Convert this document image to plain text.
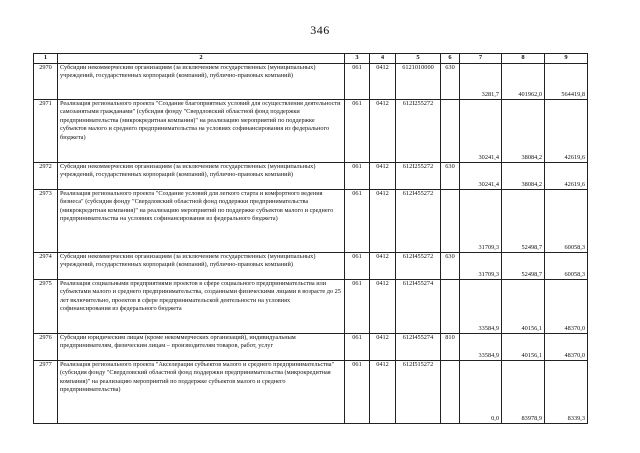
346
1	2	3	4	5	6	7	8	9
2970	Субсидии некоммерческим организациям (за исключением государственных (муниципальных) учреждений, государственных корпораций (компаний), публично-правовых компаний)	061	0412	6121010000	630	3281,7	401962,0	564419,8
2971	Реализация регионального проекта "Создание благоприятных условий для осуществления деятельности самозанятыми гражданами" (субсидия фонду "Свердловский областной фонд поддержки предпринимательства (микрокредитная компания)" на реализацию мероприятий по поддержке субъектов малого и среднего предпринимательства на условиях софинансирования из федерального бюджета)	061	0412	612I255272		30241,4	38084,2	42619,6
2972	Субсидии некоммерческим организациям (за исключением государственных (муниципальных) учреждений, государственных корпораций (компаний), публично-правовых компаний)	061	0412	612I255272	630	30241,4	38084,2	42619,6
2973	Реализация регионального проекта "Создание условий для легкого старта и комфортного ведения бизнеса" (субсидия фонду "Свердловский областной фонд поддержки предпринимательства (микрокредитная компания)" на реализацию мероприятий по поддержке субъектов малого и среднего предпринимательства на условиях софинансирования из федерального бюджета)	061	0412	612I455272		31709,3	52498,7	60058,3
2974	Субсидии некоммерческим организациям (за исключением государственных (муниципальных) учреждений, государственных корпораций (компаний), публично-правовых компаний)	061	0412	612I455272	630	31709,3	52498,7	60058,3
2975	Реализация социальными предприятиями проектов в сфере социального предпринимательства или субъектами малого и среднего предпринимательства, созданными физическими лицами в возрасте до 25 лет включительно, проектов в сфере предпринимательской деятельности на условиях софинансирования из федерального бюджета	061	0412	612I455274		33584,9	40156,1	48370,0
2976	Субсидии юридическим лицам (кроме некоммерческих организаций), индивидуальным предпринимателям, физическим лицам – производителям товаров, работ, услуг	061	0412	612I455274	810	33584,9	40156,1	48370,0
2977	Реализация регионального проекта "Акселерация субъектов малого и среднего предпринимательства" (субсидия фонду "Свердловский областной фонд поддержки предпринимательства (микрокредитная компания)" на реализацию мероприятий по поддержке субъектов малого и среднего предпринимательства)	061	0412	612I515272		0,0	83978,9	8339,3
